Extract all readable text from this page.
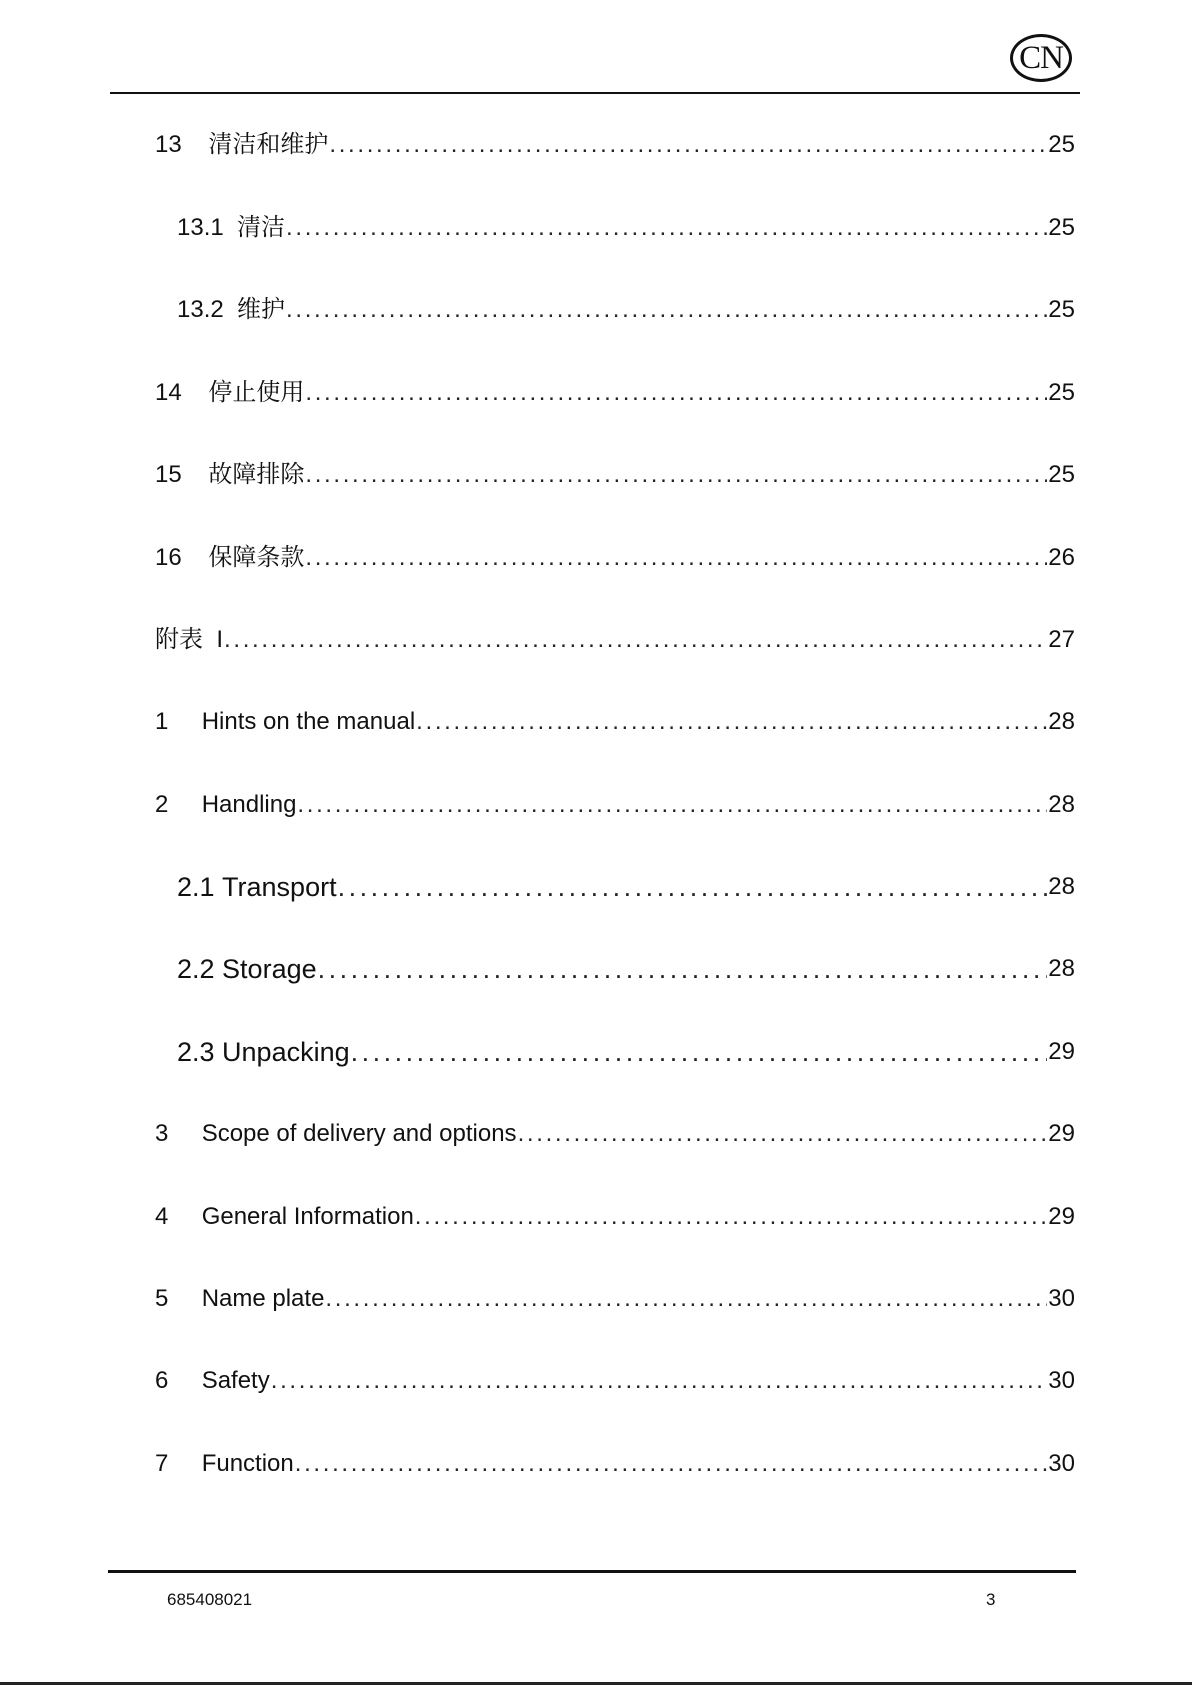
CN
13 清洁和维护 . . .	25
13.1 清洁 . . .	25
13.2 维护 . . .	25
14 停止使用 . . .	25
15 故障排除 . . .	25
16 保障条款 . . .	26
附表 I . . .	27
1 Hints on the manual . . .	28
2 Handling . . .	28
2.1 Transport . . .	28
2.2 Storage . . .	28
2.3 Unpacking . . .	29
3 Scope of delivery and options . . .	29
4 General Information . . .	29
5 Name plate . . .	30
6 Safety . . .	30
7 Function . . .	30
685408021	3
